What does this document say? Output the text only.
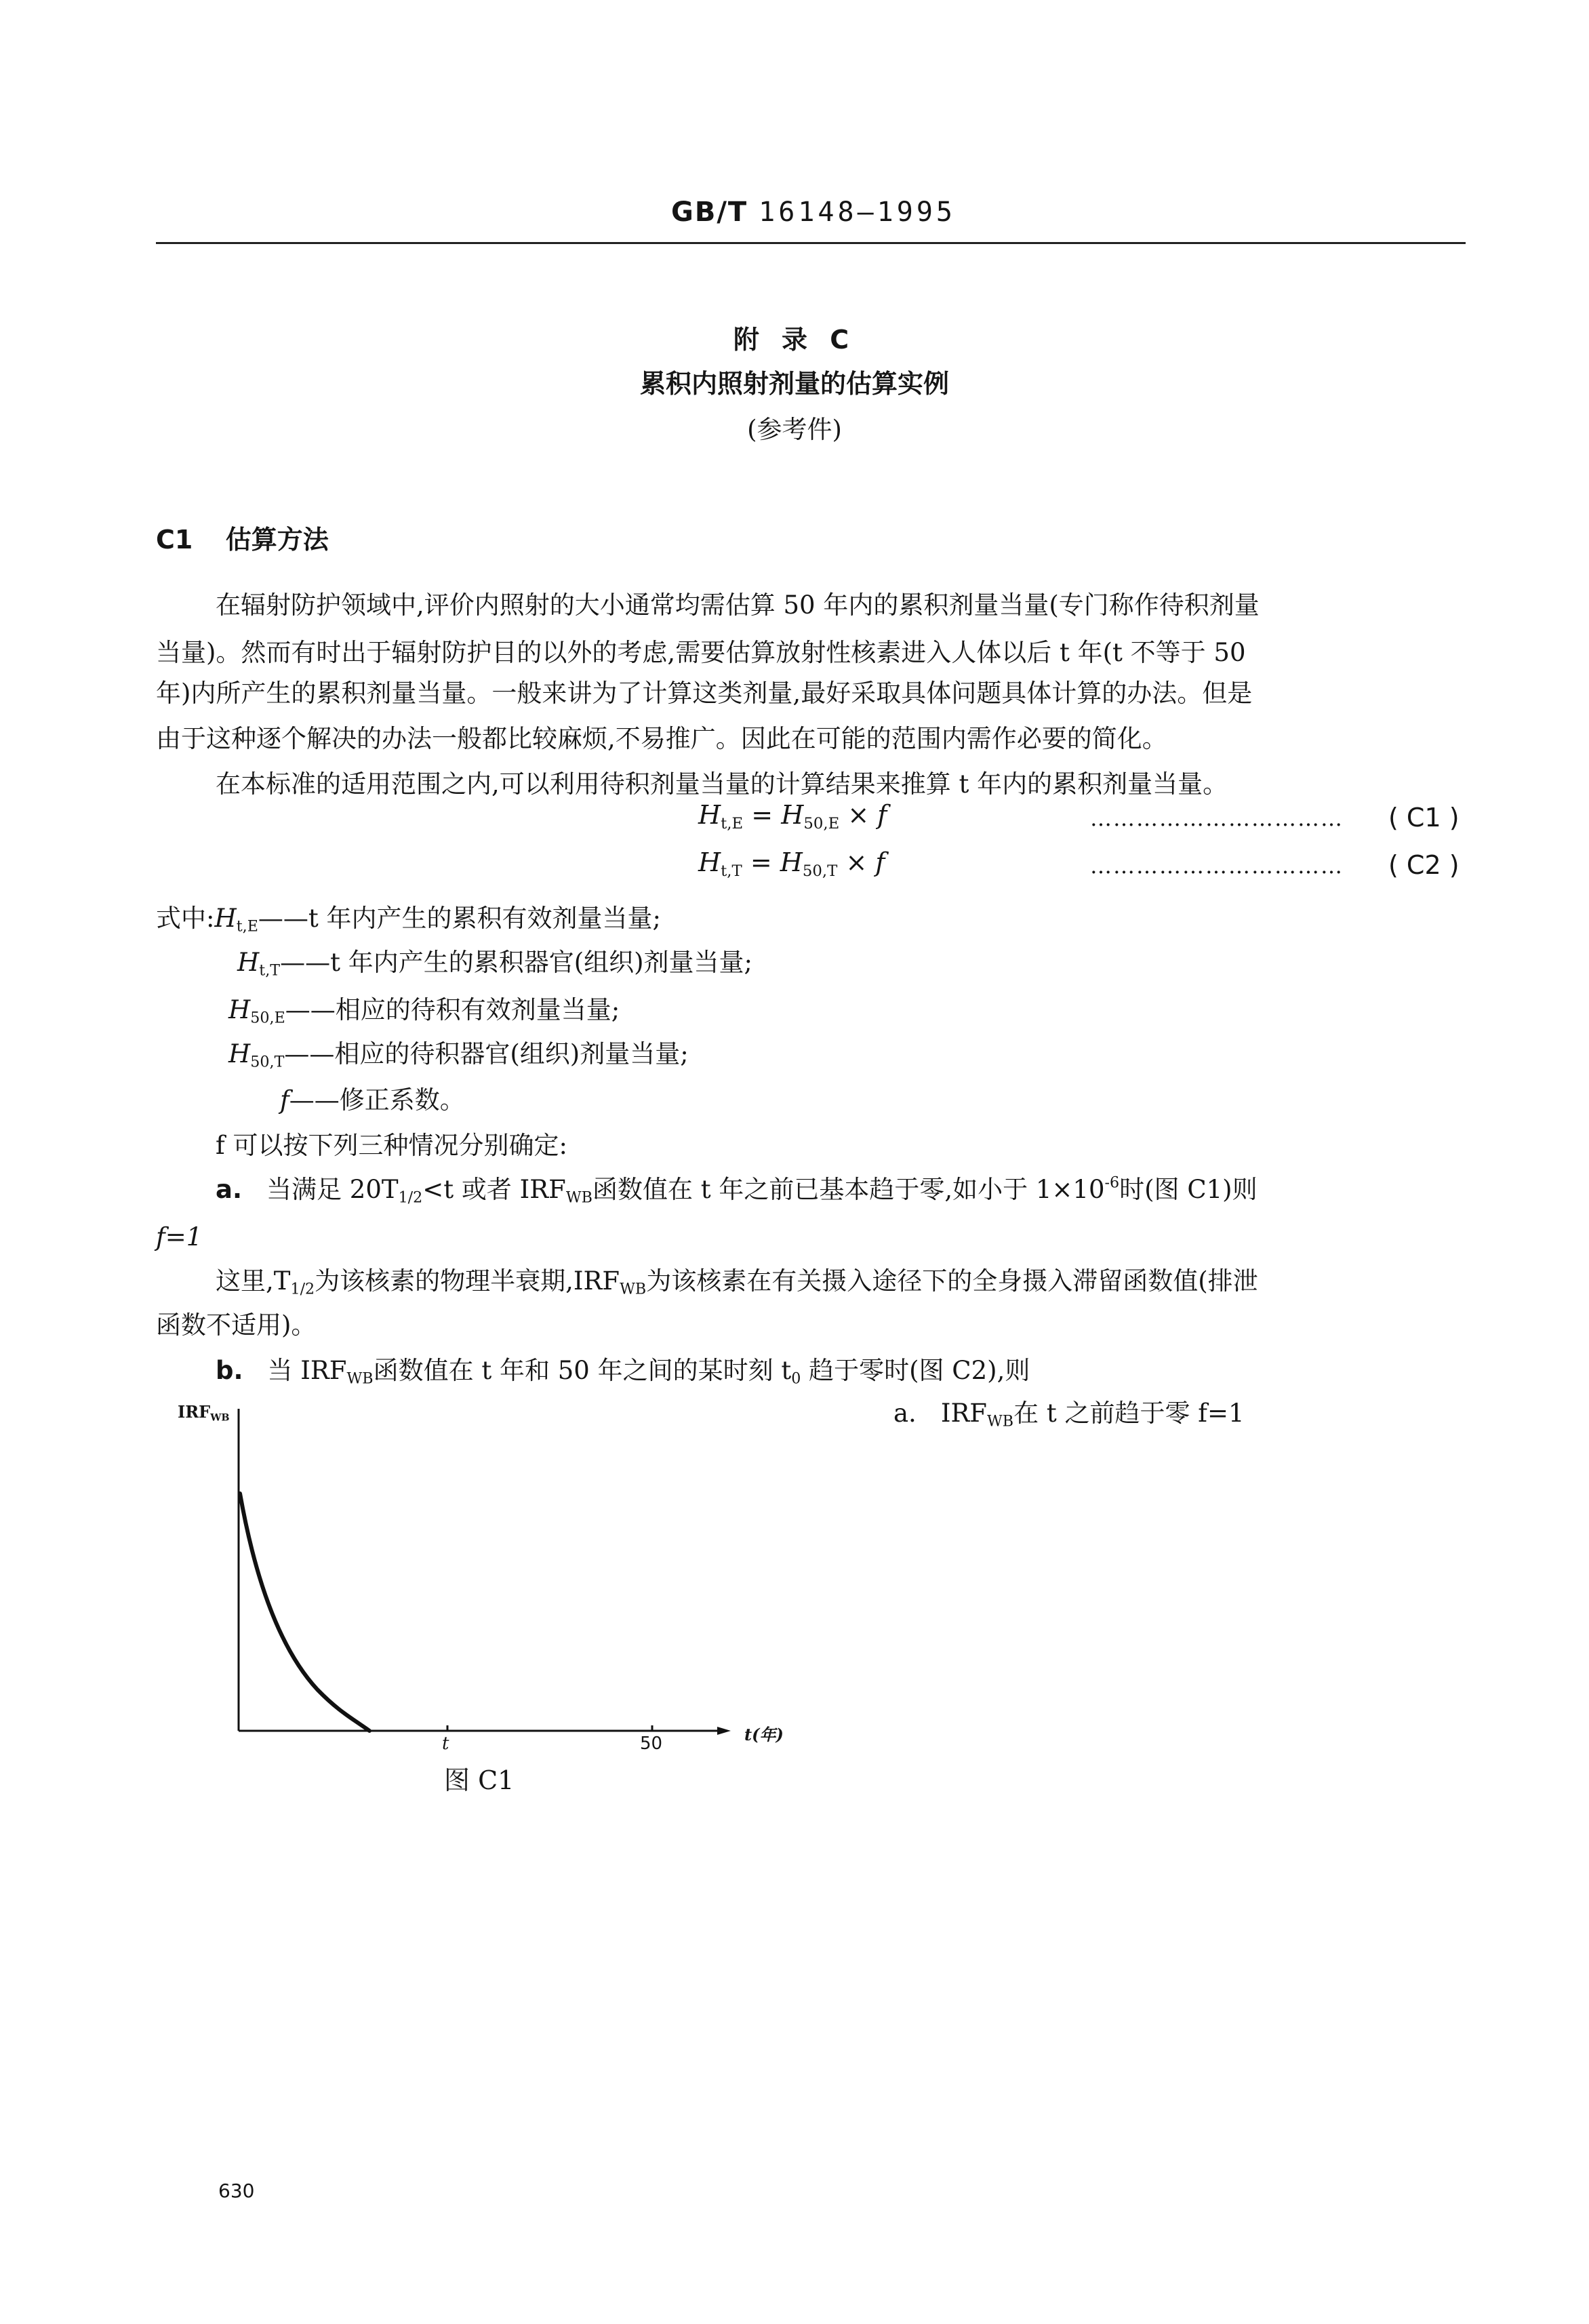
GB/T 16148—1995
附 录 C
累积内照射剂量的估算实例
(参考件)
C1 估算方法
在辐射防护领域中,评价内照射的大小通常均需估算 50 年内的累积剂量当量(专门称作待积剂量
当量)。然而有时出于辐射防护目的以外的考虑,需要估算放射性核素进入人体以后 t 年(t 不等于 50
年)内所产生的累积剂量当量。一般来讲为了计算这类剂量,最好采取具体问题具体计算的办法。但是
由于这种逐个解决的办法一般都比较麻烦,不易推广。因此在可能的范围内需作必要的简化。
在本标准的适用范围之内,可以利用待积剂量当量的计算结果来推算 t 年内的累积剂量当量。
$H_{t,E} = H_{50,E} \times f$	…………………………… ( C1 )
$H_{t,T} = H_{50,T} \times f$	…………………………… ( C2 )
式中$:H_{t,E}——t$ 年内产生的累积有效剂量当量;
$H_{t,T}——t$ 年内产生的累积器官(组织)剂量当量;
$H_{50,E}——$相应的待积有效剂量当量;
$H_{50,T}——$相应的待积器官(组织)剂量当量;
f——修正系数。
f 可以按下列三种情况分别确定:
a. 当满足 $20T_{1/2}<t$ 或者 $IRF_{WB}$函数值在 t 年之前已基本趋于零,如小于 $1\times 10^{-6}$时(图 C1)则
f=1
这里$,T_{1/2}$为该核素的物理半衰期$,IRF_{WB}$为该核素在有关摄入途径下的全身摄入滞留函数值(排泄
函数不适用)。
b. 当 $IRF_{WB}$函数值在 t 年和 50 年之间的某时刻 $t_0$ 趋于零时(图 C2),则
$IRF_{WB}$
t	50	t(年)
图 C1
a. $IRF_{WB}$在 t 之前趋于零 f=1
630
